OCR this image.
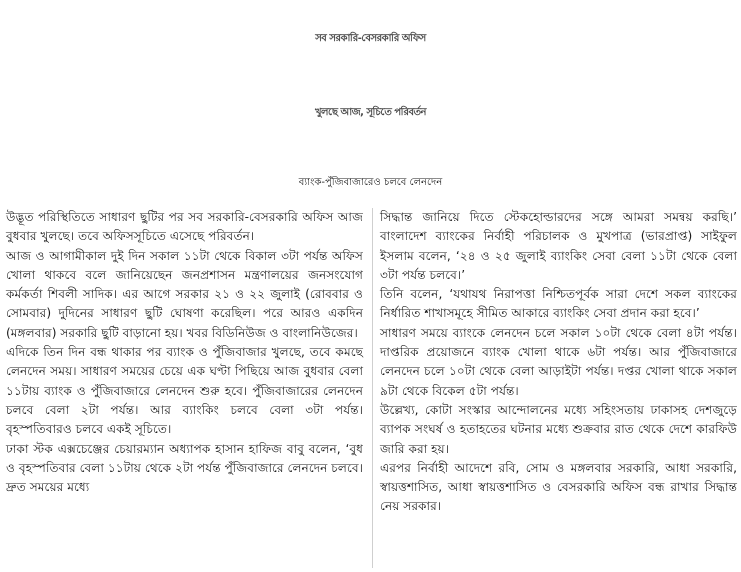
সব সরকারি-বেসরকারি অফিস
খুলছে আজ, সূচিতে পরিবর্তন
ব্যাংক-পুঁজিবাজারেও চলবে লেনদেন

উদ্ভূত পরিস্থিতিতে সাধারণ ছুটির পর সব সরকারি-বেসরকারি অফিস আজ বুধবার খুলছে। তবে অফিসসূচিতে এসেছে পরিবর্তন।

আজ ও আগামীকাল দুই দিন সকাল ১১টা থেকে বিকাল ৩টা পর্যন্ত অফিস খোলা থাকবে বলে জানিয়েছেন জনপ্রশাসন মন্ত্রণালয়ের জনসংযোগ কর্মকর্তা শিবলী সাদিক। এর আগে সরকার ২১ ও ২২ জুলাই (রোববার ও সোমবার) দুদিনের সাধারণ ছুটি ঘোষণা করেছিল। পরে আরও একদিন (মঙ্গলবার) সরকারি ছুটি বাড়ানো হয়। খবর বিডিনিউজ ও বাংলানিউজের।

এদিকে তিন দিন বন্ধ থাকার পর ব্যাংক ও পুঁজিবাজার খুলছে, তবে কমছে লেনদেন সময়। সাধারণ সময়ের চেয়ে এক ঘণ্টা পিছিয়ে আজ বুধবার বেলা ১১টায় ব্যাংক ও পুঁজিবাজারে লেনদেন শুরু হবে। পুঁজিবাজারের লেনদেন চলবে বেলা ২টা পর্যন্ত। আর ব্যাংকিং চলবে বেলা ৩টা পর্যন্ত। বৃহস্পতিবারও চলবে একই সূচিতে।

ঢাকা স্টক এক্সচেঞ্জের চেয়ারম্যান অধ্যাপক হাসান হাফিজ বাবু বলেন, ‘বুধ ও বৃহস্পতিবার বেলা ১১টায় থেকে ২টা পর্যন্ত পুঁজিবাজারে লেনদেন চলবে। দ্রুত সময়ের মধ্যে

সিদ্ধান্ত জানিয়ে দিতে স্টেকহোল্ডারদের সঙ্গে আমরা সমন্বয় করছি।’ বাংলাদেশ ব্যাংকের নির্বাহী পরিচালক ও মুখপাত্র (ভারপ্রাপ্ত) সাইফুল ইসলাম বলেন, ‘২৪ ও ২৫ জুলাই ব্যাংকিং সেবা বেলা ১১টা থেকে বেলা ৩টা পর্যন্ত চলবে।’

তিনি বলেন, ‘যথাযথ নিরাপত্তা নিশ্চিতপূর্বক সারা দেশে সকল ব্যাংকের নির্ধারিত শাখাসমূহে সীমিত আকারে ব্যাংকিং সেবা প্রদান করা হবে।’

সাধারণ সময়ে ব্যাংকে লেনদেন চলে সকাল ১০টা থেকে বেলা ৪টা পর্যন্ত। দাপ্তরিক প্রয়োজনে ব্যাংক খোলা থাকে ৬টা পর্যন্ত। আর পুঁজিবাজারে লেনদেন চলে ১০টা থেকে বেলা আড়াইটা পর্যন্ত। দপ্তর খোলা থাকে সকাল ৯টা থেকে বিকেল ৫টা পর্যন্ত।

উল্লেখ্য, কোটা সংস্কার আন্দোলনের মধ্যে সহিংসতায় ঢাকাসহ দেশজুড়ে ব্যাপক সংঘর্ষ ও হতাহতের ঘটনার মধ্যে শুক্রবার রাত থেকে দেশে কারফিউ জারি করা হয়।

এরপর নির্বাহী আদেশে রবি, সোম ও মঙ্গলবার সরকারি, আধা সরকারি, স্বায়ত্তশাসিত, আধা স্বায়ত্তশাসিত ও বেসরকারি অফিস বন্ধ রাখার সিদ্ধান্ত নেয় সরকার।
